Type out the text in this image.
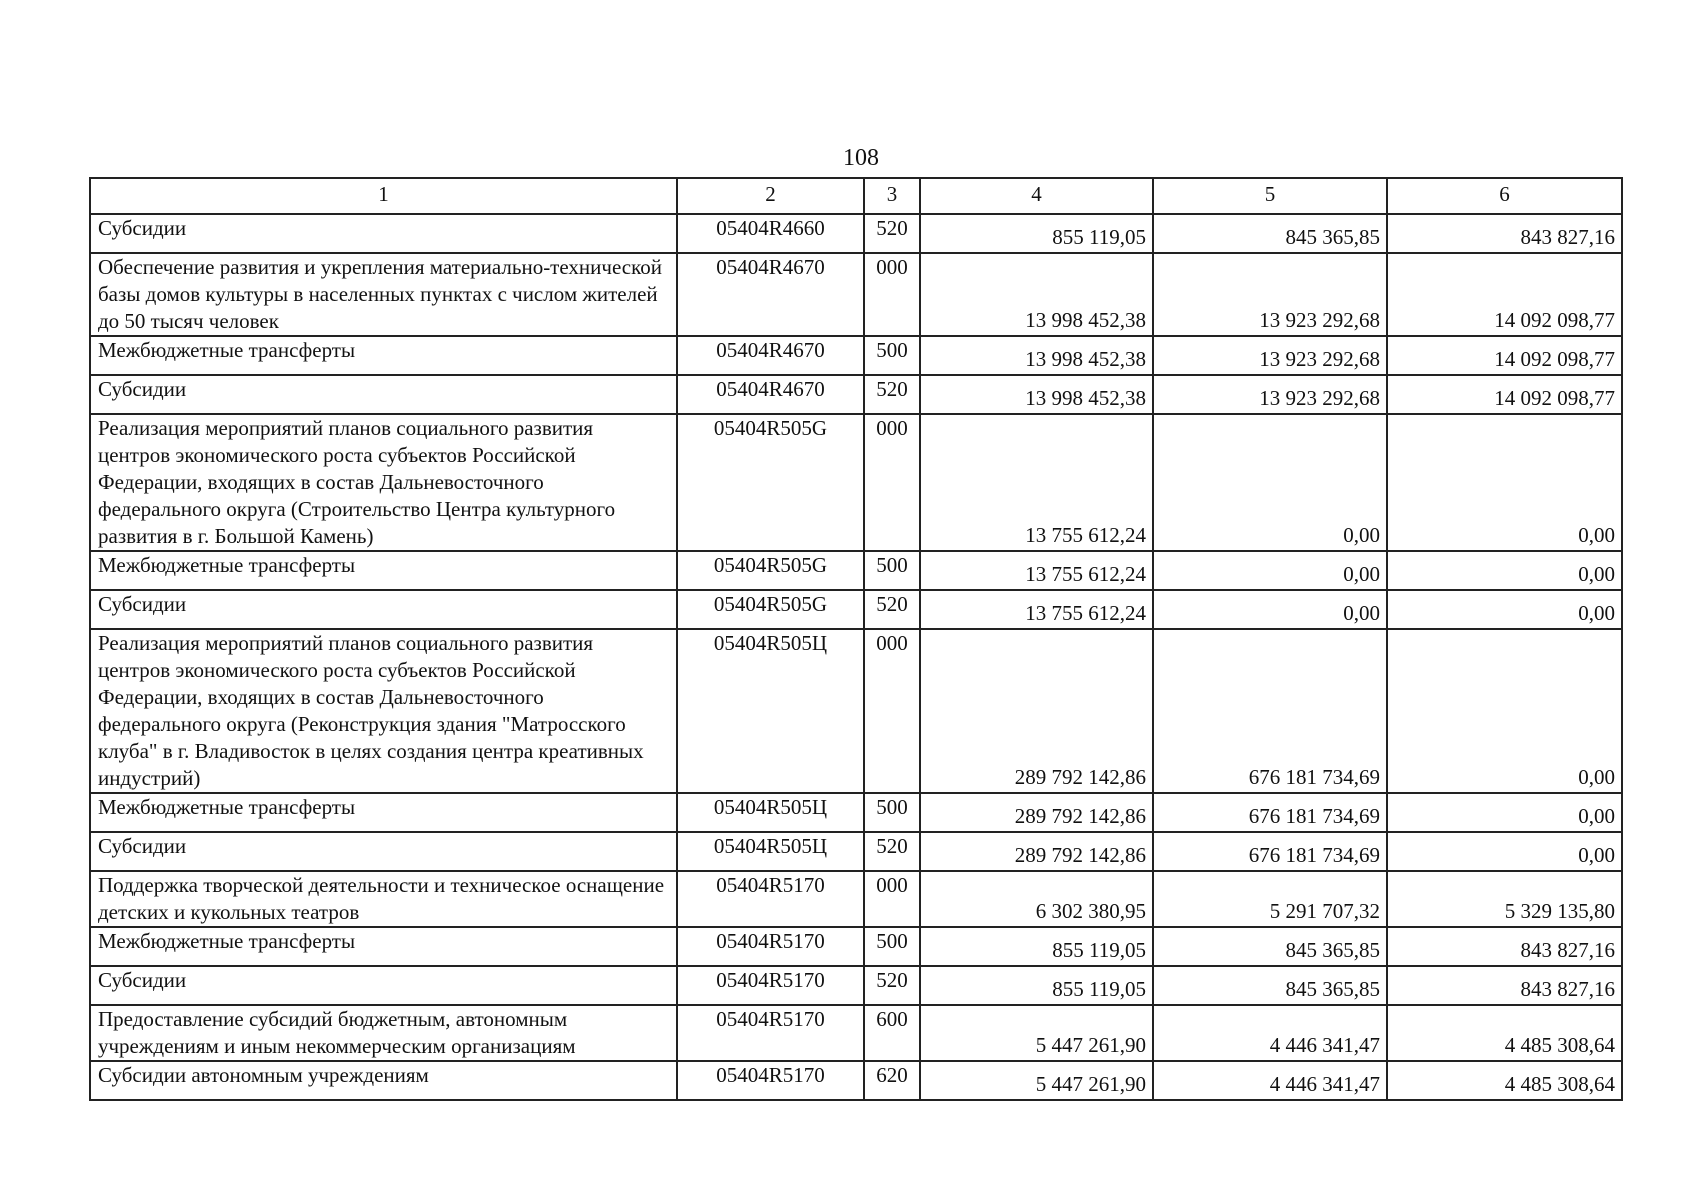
108
1	2	3	4	5	6
Субсидии	05404R4660	520	855 119,05	845 365,85	843 827,16
Обеспечение развития и укрепления материально-технической базы домов культуры в населенных пунктах с числом жителей до 50 тысяч человек	05404R4670	000	13 998 452,38	13 923 292,68	14 092 098,77
Межбюджетные трансферты	05404R4670	500	13 998 452,38	13 923 292,68	14 092 098,77
Субсидии	05404R4670	520	13 998 452,38	13 923 292,68	14 092 098,77
Реализация мероприятий планов социального развития центров экономического роста субъектов Российской Федерации, входящих в состав Дальневосточного федерального округа (Строительство Центра культурного развития в г. Большой Камень)	05404R505G	000	13 755 612,24	0,00	0,00
Межбюджетные трансферты	05404R505G	500	13 755 612,24	0,00	0,00
Субсидии	05404R505G	520	13 755 612,24	0,00	0,00
Реализация мероприятий планов социального развития центров экономического роста субъектов Российской Федерации, входящих в состав Дальневосточного федерального округа (Реконструкция здания "Матросского клуба" в г. Владивосток в целях создания центра креативных индустрий)	05404R505Ц	000	289 792 142,86	676 181 734,69	0,00
Межбюджетные трансферты	05404R505Ц	500	289 792 142,86	676 181 734,69	0,00
Субсидии	05404R505Ц	520	289 792 142,86	676 181 734,69	0,00
Поддержка творческой деятельности и техническое оснащение детских и кукольных театров	05404R5170	000	6 302 380,95	5 291 707,32	5 329 135,80
Межбюджетные трансферты	05404R5170	500	855 119,05	845 365,85	843 827,16
Субсидии	05404R5170	520	855 119,05	845 365,85	843 827,16
Предоставление субсидий бюджетным, автономным учреждениям и иным некоммерческим организациям	05404R5170	600	5 447 261,90	4 446 341,47	4 485 308,64
Субсидии автономным учреждениям	05404R5170	620	5 447 261,90	4 446 341,47	4 485 308,64
